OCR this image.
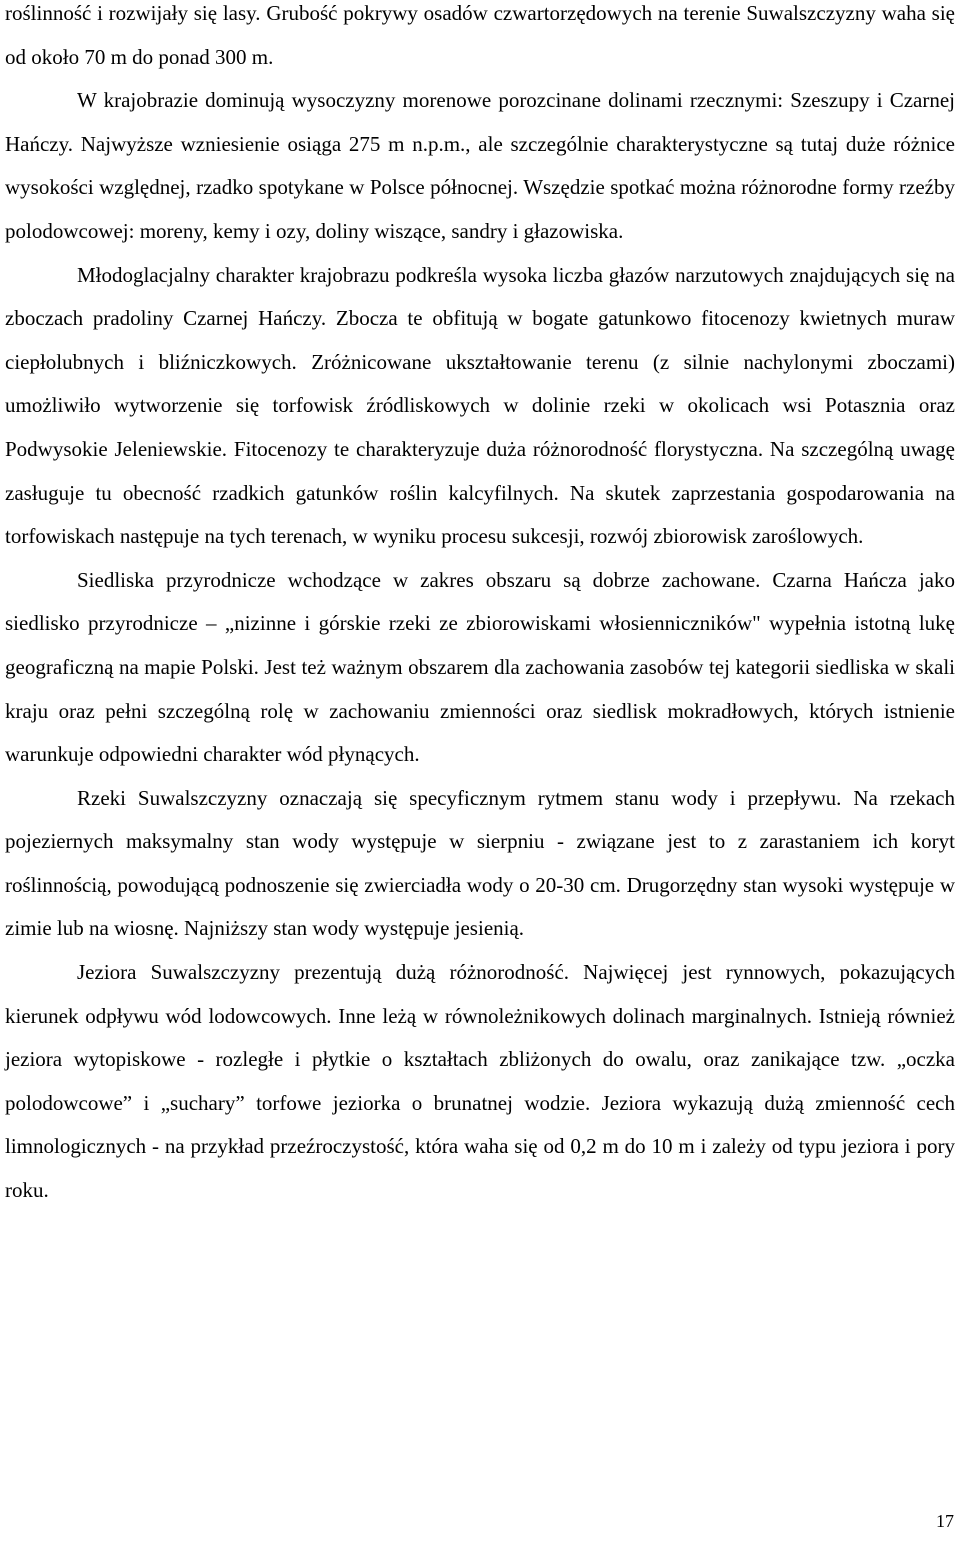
roślinność i rozwijały się lasy. Grubość pokrywy osadów czwartorzędowych na terenie Suwalszczyzny waha się od około 70 m do ponad 300 m.

W krajobrazie dominują wysoczyzny morenowe porozcinane dolinami rzecznymi: Szeszupy i Czarnej Hańczy. Najwyższe wzniesienie osiąga 275 m n.p.m., ale szczególnie charakterystyczne są tutaj duże różnice wysokości względnej, rzadko spotykane w Polsce północnej. Wszędzie spotkać można różnorodne formy rzeźby polodowcowej: moreny, kemy i ozy, doliny wiszące, sandry i głazowiska.

Młodoglacjalny charakter krajobrazu podkreśla wysoka liczba głazów narzutowych znajdujących się na zboczach pradoliny Czarnej Hańczy. Zbocza te obfitują w bogate gatunkowo fitocenozy kwietnych muraw ciepłolubnych i bliźniczkowych. Zróżnicowane ukształtowanie terenu (z silnie nachylonymi zboczami) umożliwiło wytworzenie się torfowisk źródliskowych w dolinie rzeki w okolicach wsi Potasznia oraz Podwysokie Jeleniewskie. Fitocenozy te charakteryzuje duża różnorodność florystyczna. Na szczególną uwagę zasługuje tu obecność rzadkich gatunków roślin kalcyfilnych. Na skutek zaprzestania gospodarowania na torfowiskach następuje na tych terenach, w wyniku procesu sukcesji, rozwój zbiorowisk zaroślowych.

Siedliska przyrodnicze wchodzące w zakres obszaru są dobrze zachowane. Czarna Hańcza jako siedlisko przyrodnicze – „nizinne i górskie rzeki ze zbiorowiskami włosienniczników" wypełnia istotną lukę geograficzną na mapie Polski. Jest też ważnym obszarem dla zachowania zasobów tej kategorii siedliska w skali kraju oraz pełni szczególną rolę w zachowaniu zmienności oraz siedlisk mokradłowych, których istnienie warunkuje odpowiedni charakter wód płynących.

Rzeki Suwalszczyzny oznaczają się specyficznym rytmem stanu wody i przepływu. Na rzekach pojeziernych maksymalny stan wody występuje w sierpniu - związane jest to z zarastaniem ich koryt roślinnością, powodującą podnoszenie się zwierciadła wody o 20-30 cm. Drugorzędny stan wysoki występuje w zimie lub na wiosnę. Najniższy stan wody występuje jesienią.

Jeziora Suwalszczyzny prezentują dużą różnorodność. Najwięcej jest rynnowych, pokazujących kierunek odpływu wód lodowcowych. Inne leżą w równoleżnikowych dolinach marginalnych. Istnieją również jeziora wytopiskowe - rozległe i płytkie o kształtach zbliżonych do owalu, oraz zanikające tzw. „oczka polodowcowe” i „suchary” torfowe jeziorka o brunatnej wodzie. Jeziora wykazują dużą zmienność cech limnologicznych - na przykład przeźroczystość, która waha się od 0,2 m do 10 m i zależy od typu jeziora i pory roku.

17
